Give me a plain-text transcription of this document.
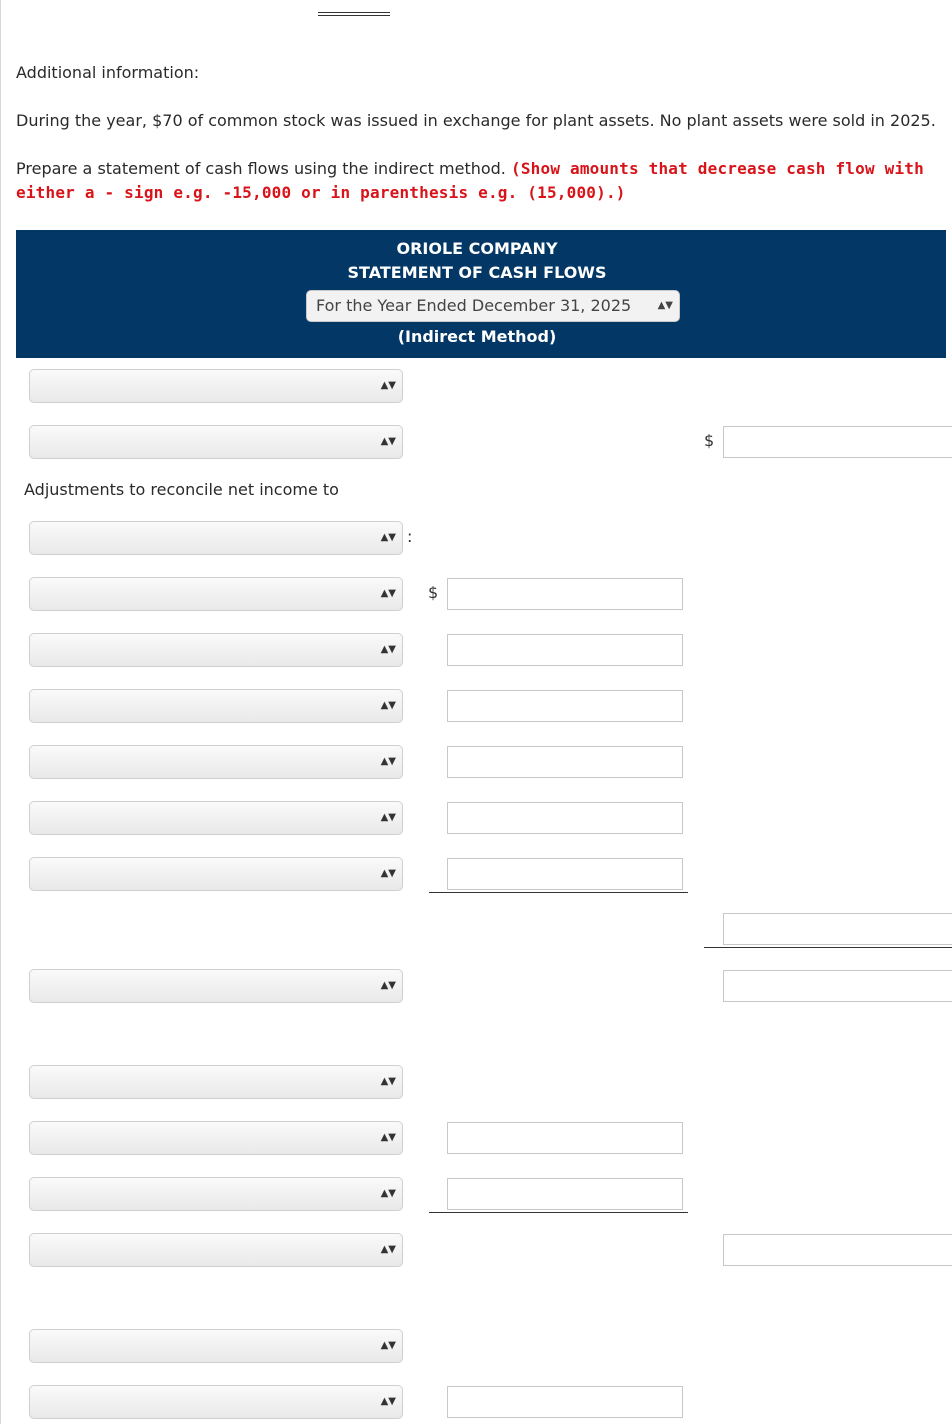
Additional information:
During the year, $70 of common stock was issued in exchange for plant assets. No plant assets were sold in 2025.
Prepare a statement of cash flows using the indirect method. (Show amounts that decrease cash flow with
either a - sign e.g. -15,000 or in parenthesis e.g. (15,000).)
ORIOLE COMPANY
STATEMENT OF CASH FLOWS
For the Year Ended December 31, 2025	▲▼
(Indirect Method)
▲▼
▲▼	$
Adjustments to reconcile net income to
▲▼ :
▲▼ $
▲▼
▲▼
▲▼
▲▼
▲▼
▲▼
▲▼
▲▼
▲▼
▲▼
▲▼
▲▼
